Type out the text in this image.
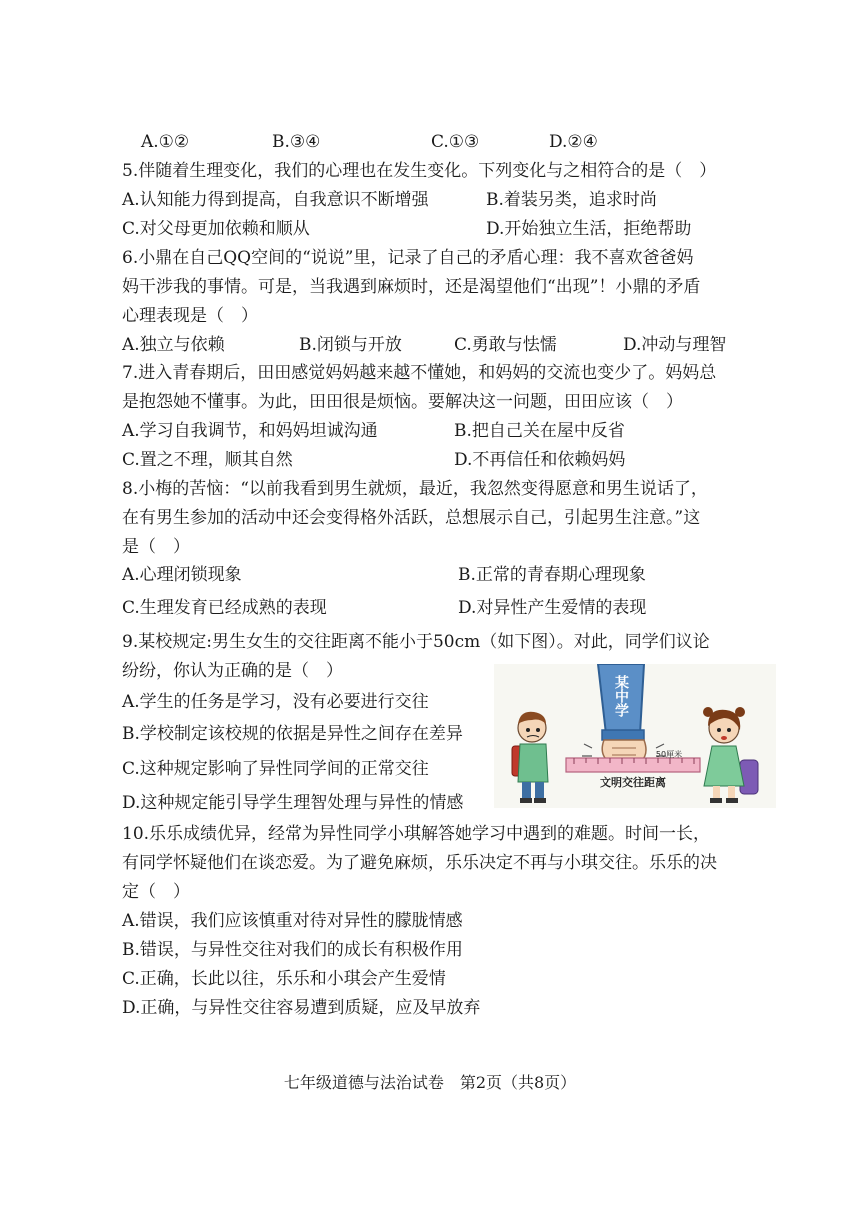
A.①②	B.③④	C.①③	D.②④
5.伴随着生理变化，我们的心理也在发生变化。下列变化与之相符合的是（　）
A.认知能力得到提高，自我意识不断增强	B.着装另类，追求时尚
C.对父母更加依赖和顺从	D.开始独立生活，拒绝帮助
6.小鼎在自己QQ空间的“说说”里，记录了自己的矛盾心理：我不喜欢爸爸妈
妈干涉我的事情。可是，当我遇到麻烦时，还是渴望他们“出现”！小鼎的矛盾
心理表现是（　）
A.独立与依赖	B.闭锁与开放	C.勇敢与怯懦	D.冲动与理智
7.进入青春期后，田田感觉妈妈越来越不懂她，和妈妈的交流也变少了。妈妈总
是抱怨她不懂事。为此，田田很是烦恼。要解决这一问题，田田应该（　）
A.学习自我调节，和妈妈坦诚沟通	B.把自己关在屋中反省
C.置之不理，顺其自然	D.不再信任和依赖妈妈
8.小梅的苦恼：“以前我看到男生就烦，最近，我忽然变得愿意和男生说话了，
在有男生参加的活动中还会变得格外活跃，总想展示自己，引起男生注意。”这
是（　）
A.心理闭锁现象	B.正常的青春期心理现象
C.生理发育已经成熟的表现	D.对异性产生爱情的表现
9.某校规定:男生女生的交往距离不能小于50cm（如下图）。对此，同学们议论
纷纷，你认为正确的是（　）
A.学生的任务是学习，没有必要进行交往
B.学校制定该校规的依据是异性之间存在差异
C.这种规定影响了异性同学间的正常交往
D.这种规定能引导学生理智处理与异性的情感
某中学
50厘米
文明交往距离
10.乐乐成绩优异，经常为异性同学小琪解答她学习中遇到的难题。时间一长，
有同学怀疑他们在谈恋爱。为了避免麻烦，乐乐决定不再与小琪交往。乐乐的决
定（　）
A.错误，我们应该慎重对待对异性的朦胧情感
B.错误，与异性交往对我们的成长有积极作用
C.正确，长此以往，乐乐和小琪会产生爱情
D.正确，与异性交往容易遭到质疑，应及早放弃
七年级道德与法治试卷　第2页（共8页）
